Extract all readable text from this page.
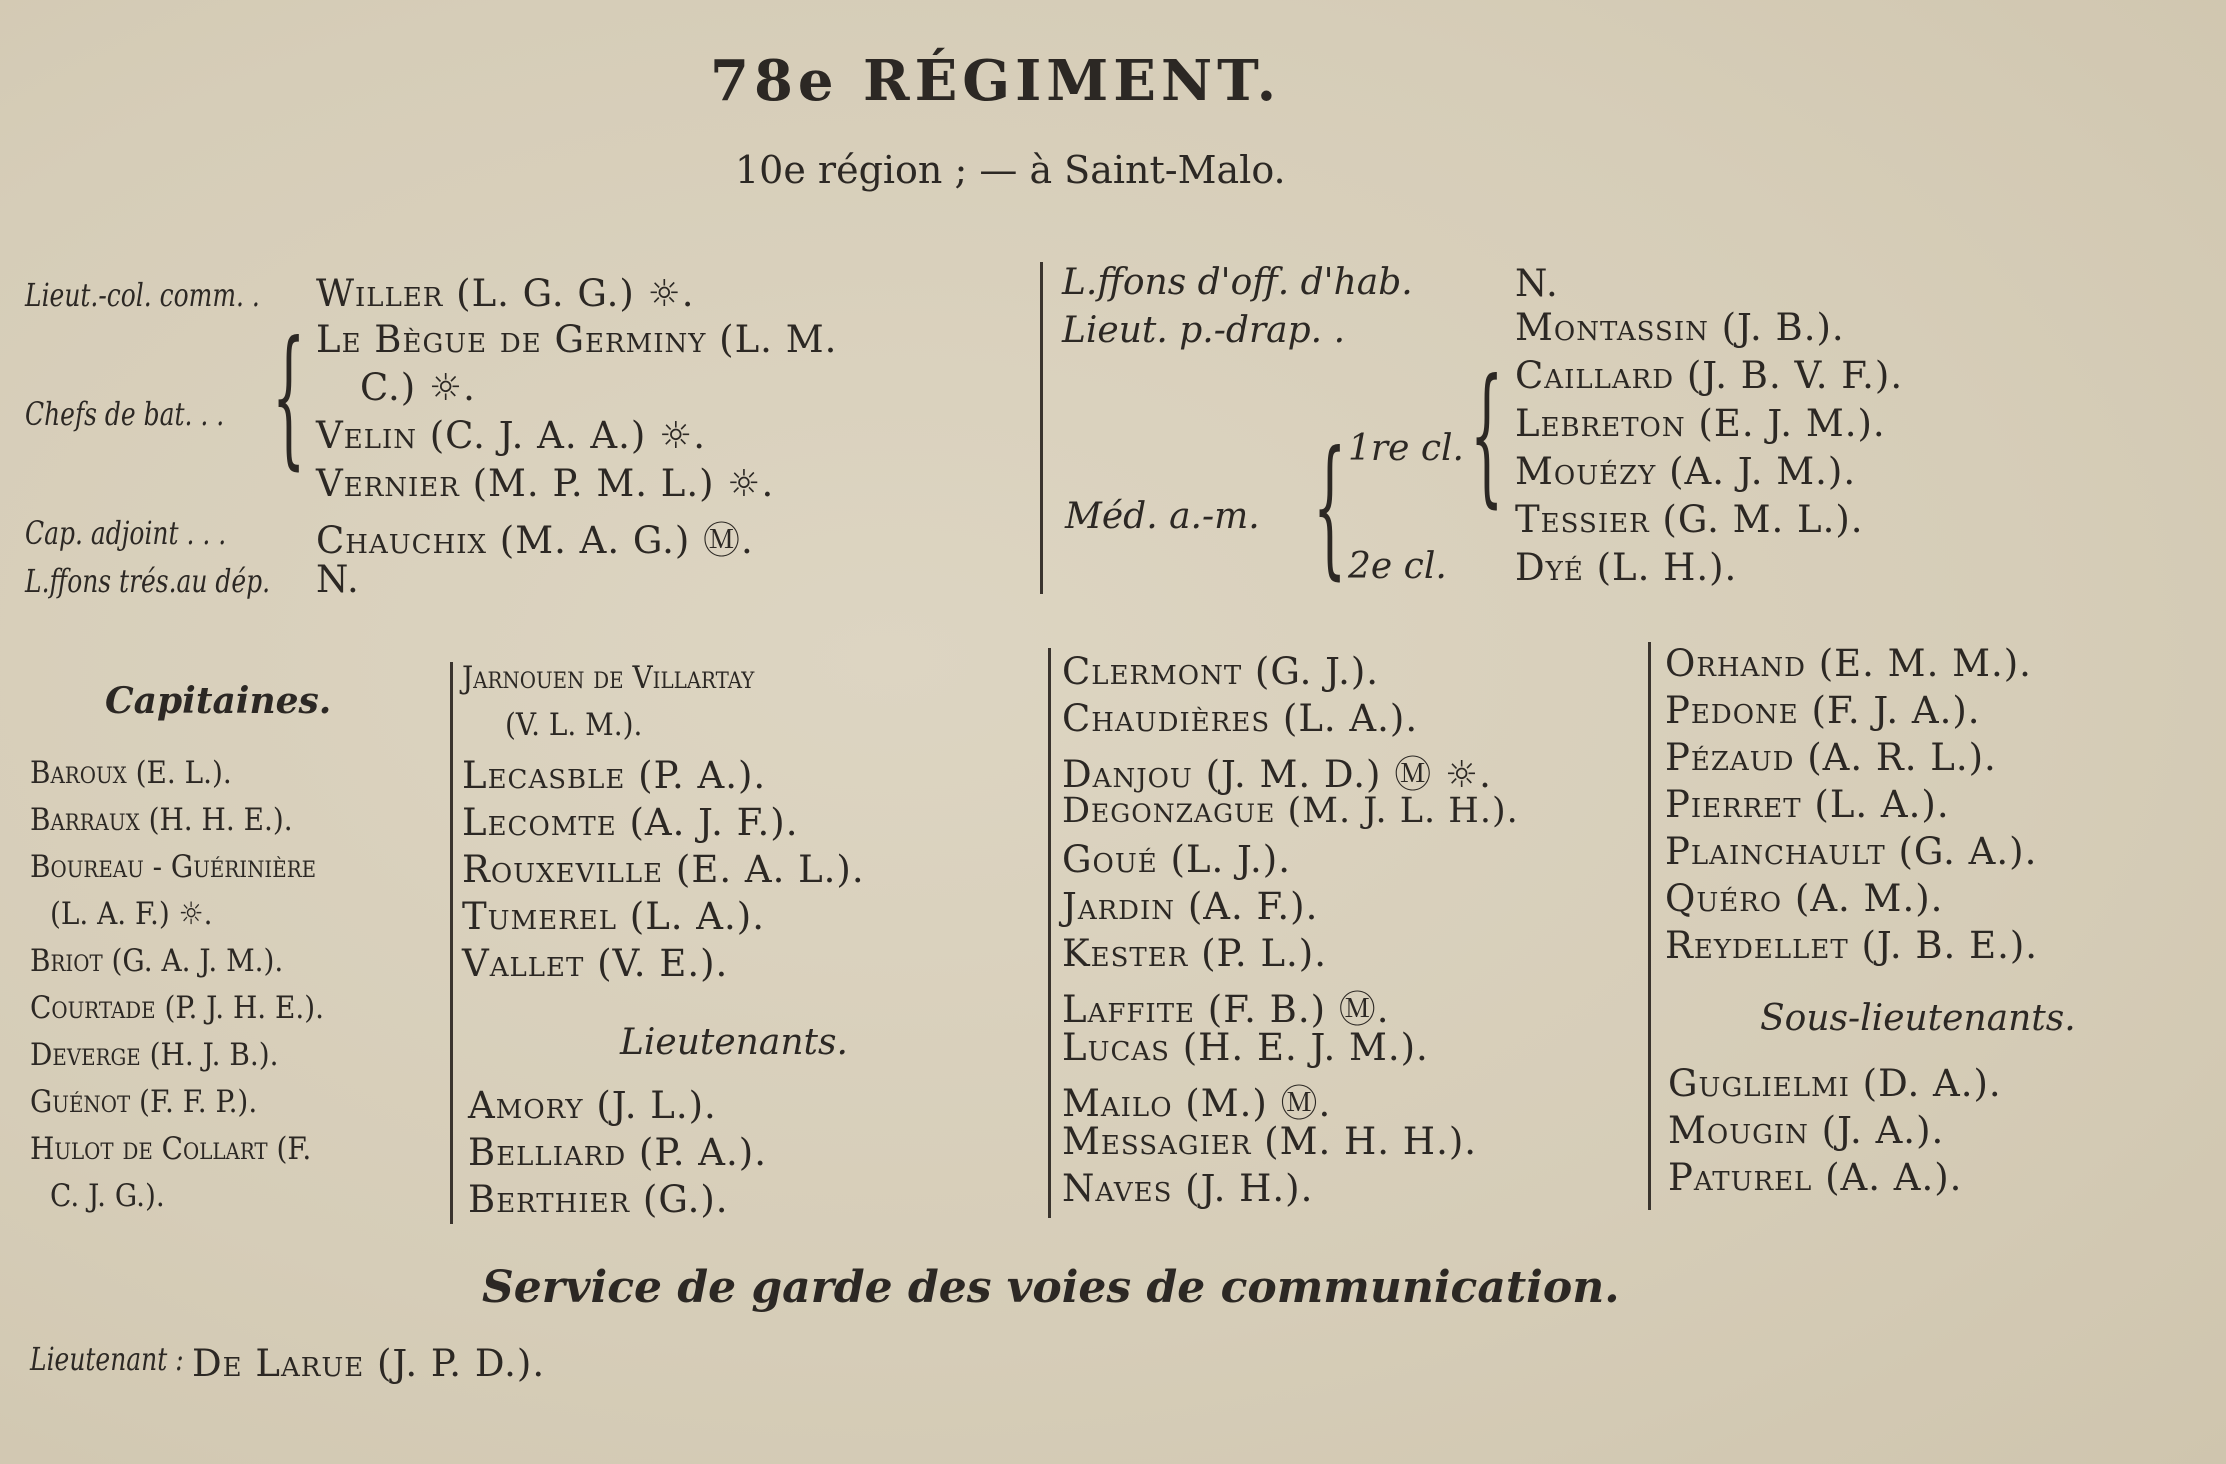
78e RÉGIMENT.
10e région ; — à Saint-Malo.
Lieut.-col. comm. . Willer (L. G. G.) ☼.
Chefs de bat. . . { Le Bègue de Germiny (L. M.
C.) ☼.
Velin (C. J. A. A.) ☼.
Vernier (M. P. M. L.) ☼.
Cap. adjoint . . . Chauchix (M. A. G.) Ⓜ.
L.ffons trés.au dép. N.
L.ffons d'off. d'hab.	N.
Lieut. p.-drap. .	Montassin (J. B.).
Méd. a.-m. { 1re cl.
2e cl.
{ Caillard (J. B. V. F.).
Lebreton (E. J. M.).
Mouézy (A. J. M.).
Tessier (G. M. L.).
Dyé (L. H.).
Capitaines.
Baroux (E. L.).
Barraux (H. H. E.).
Boureau - Guérinière
(L. A. F.) ☼.
Briot (G. A. J. M.).
Courtade (P. J. H. E.).
Deverge (H. J. B.).
Guénot (F. F. P.).
Hulot de Collart (F.
C. J. G.).
Jarnouen de Villartay
(V. L. M.).
Lecasble (P. A.).
Lecomte (A. J. F.).
Rouxeville (E. A. L.).
Tumerel (L. A.).
Vallet (V. E.).
Lieutenants.
Amory (J. L.).
Belliard (P. A.).
Berthier (G.).
Clermont (G. J.).
Chaudières (L. A.).
Danjou (J. M. D.) Ⓜ ☼.
Degonzague (M. J. L. H.).
Goué (L. J.).
Jardin (A. F.).
Kester (P. L.).
Laffite (F. B.) Ⓜ.
Lucas (H. E. J. M.).
Mailo (M.) Ⓜ.
Messagier (M. H. H.).
Naves (J. H.).
Orhand (E. M. M.).
Pedone (F. J. A.).
Pézaud (A. R. L.).
Pierret (L. A.).
Plainchault (G. A.).
Quéro (A. M.).
Reydellet (J. B. E.).
Sous-lieutenants.
Guglielmi (D. A.).
Mougin (J. A.).
Paturel (A. A.).
Service de garde des voies de communication.
Lieutenant : De Larue (J. P. D.).
